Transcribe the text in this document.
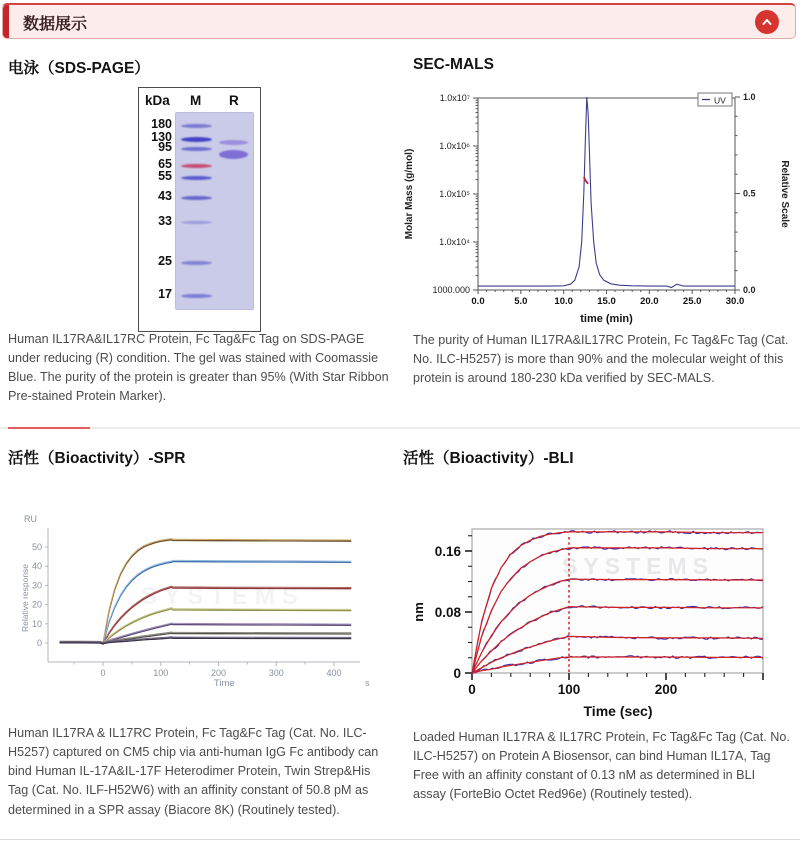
数据展示
电泳（SDS-PAGE）	SEC-MALS
活性（Bioactivity）-SPR	活性（Bioactivity）-BLI
kDa M R
180
130
95
65
55
43
33
25
17
1.0x10⁷
1.0x10⁶
1.0x10⁵
1.0x10⁴
1000.000
1.0
0.5
0.0
0.0	5.0	10.0	15.0	20.0	25.0	30.0
time (min)
Molar Mass (g/mol)	Relative Scale
UV
Human IL17RA&IL17RC Protein, Fc Tag&Fc Tag on SDS-PAGE under reducing (R) condition. The gel was stained with Coomassie Blue. The purity of the protein is greater than 95% (With Star Ribbon Pre-stained Protein Marker).
The purity of Human IL17RA&IL17RC Protein, Fc Tag&Fc Tag (Cat. No. ILC-H5257) is more than 90% and the molecular weight of this protein is around 180-230 kDa verified by SEC-MALS.
RU
Relative response
0
10
20
30
40
50
0	100	200	300	400
Time	s
SYSTEMS
SYSTEMS
0
0.08
0.16
0	100	200
nm
Time (sec)
Human IL17RA & IL17RC Protein, Fc Tag&Fc Tag (Cat. No. ILC-H5257) captured on CM5 chip via anti-human IgG Fc antibody can bind Human IL-17A&IL-17F Heterodimer Protein, Twin Strep&His Tag (Cat. No. ILF-H52W6) with an affinity constant of 50.8 pM as determined in a SPR assay (Biacore 8K) (Routinely tested).
Loaded Human IL17RA & IL17RC Protein, Fc Tag&Fc Tag (Cat. No. ILC-H5257) on Protein A Biosensor, can bind Human IL17A, Tag Free with an affinity constant of 0.13 nM as determined in BLI assay (ForteBio Octet Red96e) (Routinely tested).
